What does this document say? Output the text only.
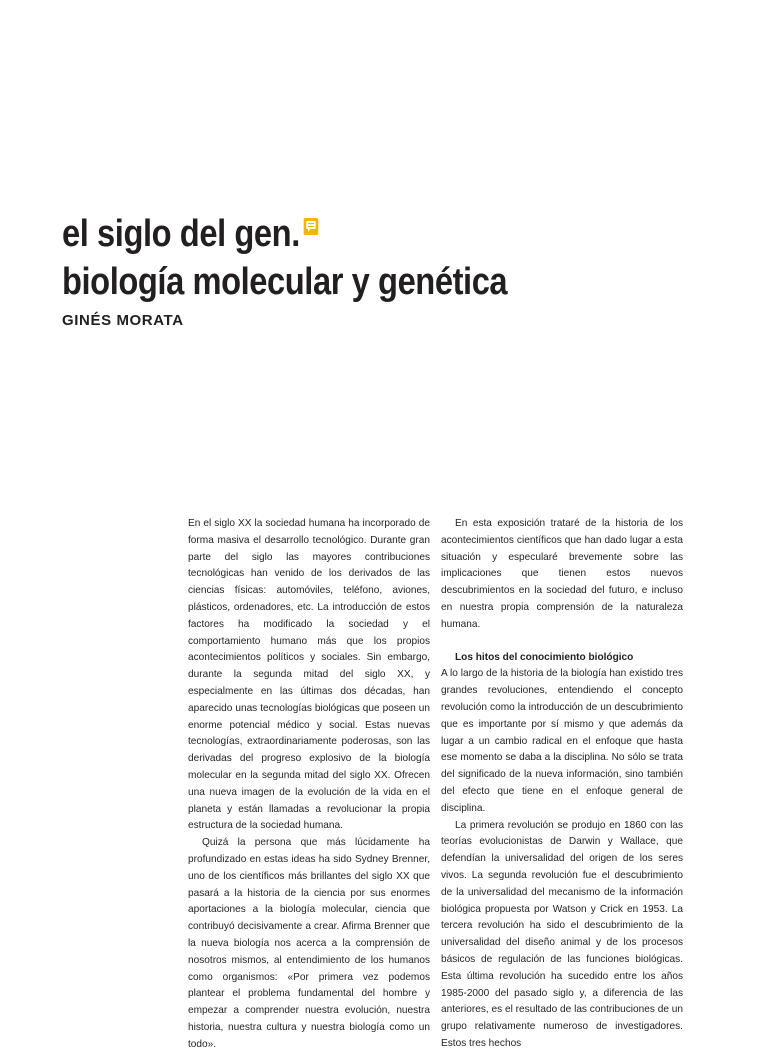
el siglo del gen.
biología molecular y genética
GINÉS MORATA

En el siglo XX la sociedad humana ha incorporado de forma masiva el desarrollo tecnológico. Durante gran parte del siglo las mayores contribuciones tecnológicas han venido de los derivados de las ciencias físicas: automóviles, teléfono, aviones, plásticos, ordenadores, etc. La introducción de estos factores ha modificado la sociedad y el comportamiento humano más que los propios acontecimientos políticos y sociales. Sin embargo, durante la segunda mitad del siglo XX, y especialmente en las últimas dos décadas, han aparecido unas tecnologías biológicas que poseen un enorme potencial médico y social. Estas nuevas tecnologías, extraordinariamente poderosas, son las derivadas del progreso explosivo de la biología molecular en la segunda mitad del siglo XX. Ofrecen una nueva imagen de la evolución de la vida en el planeta y están llamadas a revolucionar la propia estructura de la sociedad humana.

Quizá la persona que más lúcidamente ha profundizado en estas ideas ha sido Sydney Brenner, uno de los científicos más brillantes del siglo XX que pasará a la historia de la ciencia por sus enormes aportaciones a la biología molecular, ciencia que contribuyó decisivamente a crear. Afirma Brenner que la nueva biología nos acerca a la comprensión de nosotros mismos, al entendimiento de los humanos como organismos: «Por primera vez podemos plantear el problema fundamental del hombre y empezar a comprender nuestra evolución, nuestra historia, nuestra cultura y nuestra biología como un todo».

En esta exposición trataré de la historia de los acontecimientos científicos que han dado lugar a esta situación y especularé brevemente sobre las implicaciones que tienen estos nuevos descubrimientos en la sociedad del futuro, e incluso en nuestra propia comprensión de la naturaleza humana.

Los hitos del conocimiento biológico

A lo largo de la historia de la biología han existido tres grandes revoluciones, entendiendo el concepto revolución como la introducción de un descubrimiento que es importante por sí mismo y que además da lugar a un cambio radical en el enfoque que hasta ese momento se daba a la disciplina. No sólo se trata del significado de la nueva información, sino también del efecto que tiene en el enfoque general de disciplina.

La primera revolución se produjo en 1860 con las teorías evolucionistas de Darwin y Wallace, que defendían la universalidad del origen de los seres vivos. La segunda revolución fue el descubrimiento de la universalidad del mecanismo de la información biológica propuesta por Watson y Crick en 1953. La tercera revolución ha sido el descubrimiento de la universalidad del diseño animal y de los procesos básicos de regulación de las funciones biológicas. Esta última revolución ha sucedido entre los años 1985-2000 del pasado siglo y, a diferencia de las anteriores, es el resultado de las contribuciones de un grupo relativamente numeroso de investigadores. Estos tres hechos
